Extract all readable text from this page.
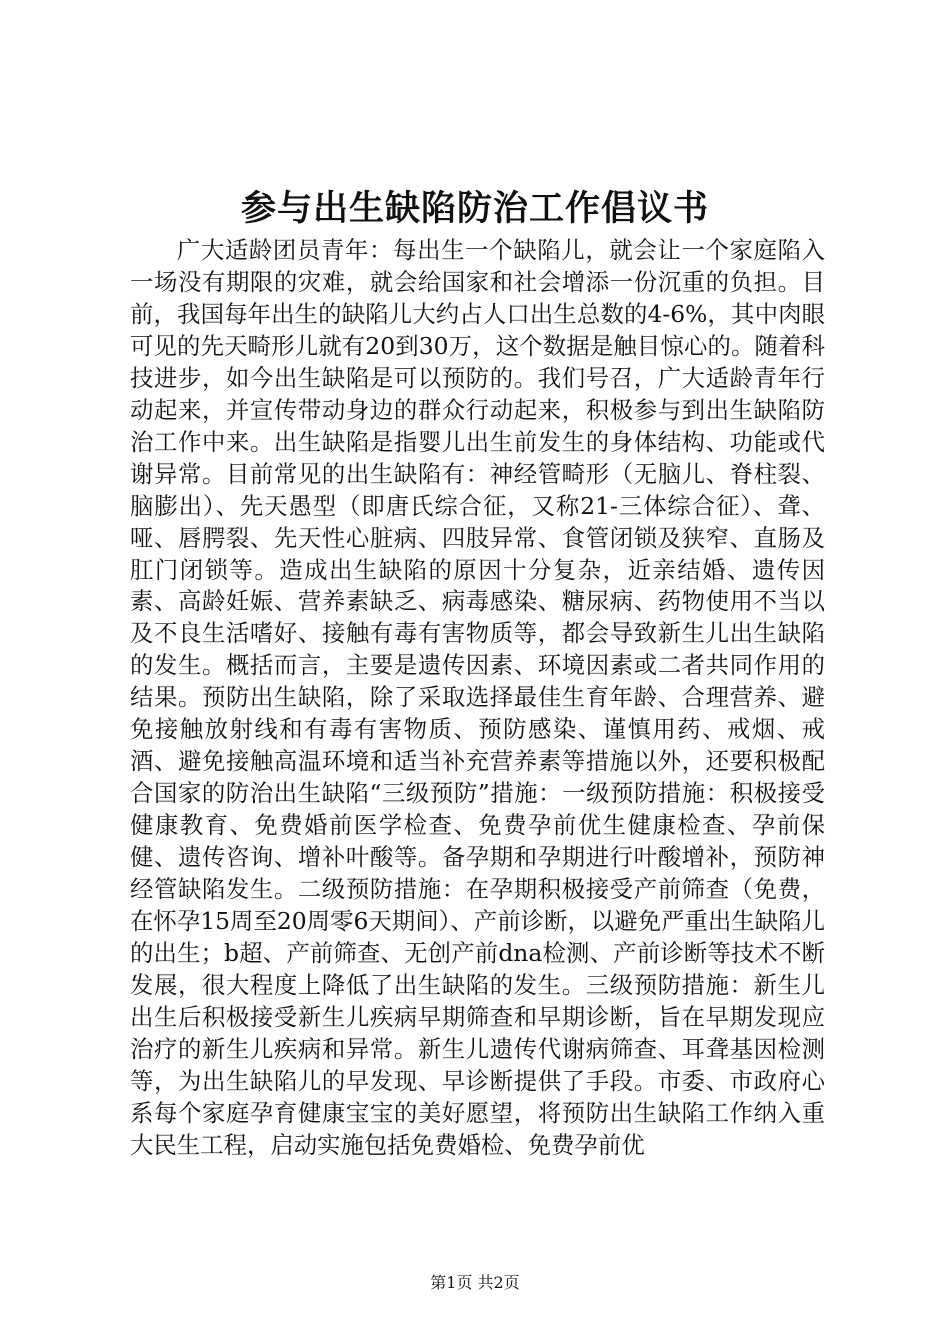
参与出生缺陷防治工作倡议书

广大适龄团员青年：每出生一个缺陷儿，就会让一个家庭陷入一场没有期限的灾难，就会给国家和社会增添一份沉重的负担。目前，我国每年出生的缺陷儿大约占人口出生总数的4-6%，其中肉眼可见的先天畸形儿就有20到30万，这个数据是触目惊心的。随着科技进步，如今出生缺陷是可以预防的。我们号召，广大适龄青年行动起来，并宣传带动身边的群众行动起来，积极参与到出生缺陷防治工作中来。出生缺陷是指婴儿出生前发生的身体结构、功能或代谢异常。目前常见的出生缺陷有：神经管畸形（无脑儿、脊柱裂、脑膨出）、先天愚型（即唐氏综合征，又称21-三体综合征）、聋、哑、唇腭裂、先天性心脏病、四肢异常、食管闭锁及狭窄、直肠及肛门闭锁等。造成出生缺陷的原因十分复杂，近亲结婚、遗传因素、高龄妊娠、营养素缺乏、病毒感染、糖尿病、药物使用不当以及不良生活嗜好、接触有毒有害物质等，都会导致新生儿出生缺陷的发生。概括而言，主要是遗传因素、环境因素或二者共同作用的结果。预防出生缺陷，除了采取选择最佳生育年龄、合理营养、避免接触放射线和有毒有害物质、预防感染、谨慎用药、戒烟、戒酒、避免接触高温环境和适当补充营养素等措施以外，还要积极配合国家的防治出生缺陷“三级预防”措施：一级预防措施：积极接受健康教育、免费婚前医学检查、免费孕前优生健康检查、孕前保健、遗传咨询、增补叶酸等。备孕期和孕期进行叶酸增补，预防神经管缺陷发生。二级预防措施：在孕期积极接受产前筛查（免费，在怀孕15周至20周零6天期间）、产前诊断，以避免严重出生缺陷儿的出生；b超、产前筛查、无创产前dna检测、产前诊断等技术不断发展，很大程度上降低了出生缺陷的发生。三级预防措施：新生儿出生后积极接受新生儿疾病早期筛查和早期诊断，旨在早期发现应治疗的新生儿疾病和异常。新生儿遗传代谢病筛查、耳聋基因检测等，为出生缺陷儿的早发现、早诊断提供了手段。市委、市政府心系每个家庭孕育健康宝宝的美好愿望，将预防出生缺陷工作纳入重大民生工程，启动实施包括免费婚检、免费孕前优

第1页 共2页
